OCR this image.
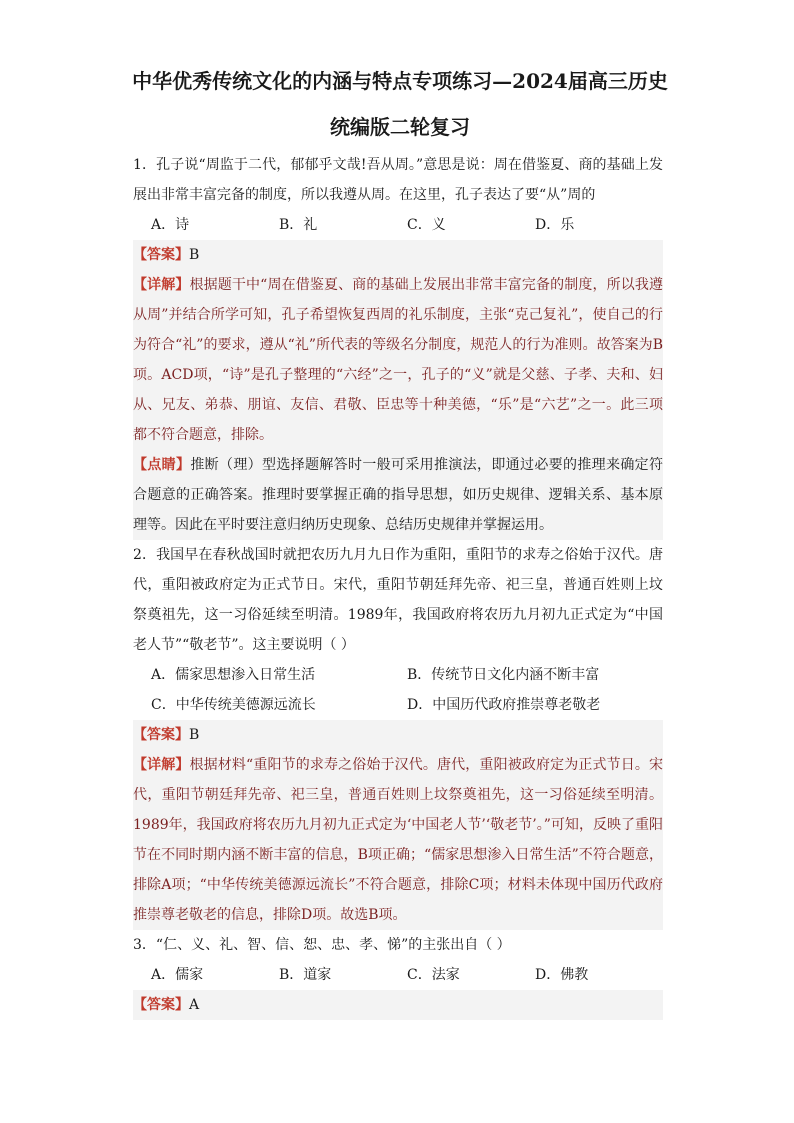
中华优秀传统文化的内涵与特点专项练习—2024届高三历史
统编版二轮复习

1．孔子说“周监于二代，郁郁乎文哉!吾从周。”意思是说：周在借鉴夏、商的基础上发展出非常丰富完备的制度，所以我遵从周。在这里，孔子表达了要“从”周的

A．诗	B．礼	C．义	D．乐

【答案】B

【详解】根据题干中“周在借鉴夏、商的基础上发展出非常丰富完备的制度，所以我遵从周”并结合所学可知，孔子希望恢复西周的礼乐制度，主张“克己复礼”，使自己的行为符合“礼”的要求，遵从“礼”所代表的等级名分制度，规范人的行为准则。故答案为B项。ACD项，“诗”是孔子整理的“六经”之一，孔子的“义”就是父慈、子孝、夫和、妇从、兄友、弟恭、朋谊、友信、君敬、臣忠等十种美德，“乐”是“六艺”之一。此三项都不符合题意，排除。

【点睛】推断（理）型选择题解答时一般可采用推演法，即通过必要的推理来确定符合题意的正确答案。推理时要掌握正确的指导思想，如历史规律、逻辑关系、基本原理等。因此在平时要注意归纳历史现象、总结历史规律并掌握运用。

2．我国早在春秋战国时就把农历九月九日作为重阳，重阳节的求寿之俗始于汉代。唐代，重阳被政府定为正式节日。宋代，重阳节朝廷拜先帝、祀三皇，普通百姓则上坟祭奠祖先，这一习俗延续至明清。1989年，我国政府将农历九月初九正式定为“中国老人节”“敬老节”。这主要说明（ ）

A．儒家思想渗入日常生活	B．传统节日文化内涵不断丰富
C．中华传统美德源远流长	D．中国历代政府推崇尊老敬老

【答案】B

【详解】根据材料“重阳节的求寿之俗始于汉代。唐代，重阳被政府定为正式节日。宋代，重阳节朝廷拜先帝、祀三皇，普通百姓则上坟祭奠祖先，这一习俗延续至明清。1989年，我国政府将农历九月初九正式定为‘中国老人节’‘敬老节’。”可知，反映了重阳节在不同时期内涵不断丰富的信息，B项正确；“儒家思想渗入日常生活”不符合题意，排除A项；“中华传统美德源远流长”不符合题意，排除C项；材料未体现中国历代政府推崇尊老敬老的信息，排除D项。故选B项。

3．“仁、义、礼、智、信、恕、忠、孝、悌”的主张出自（ ）

A．儒家	B．道家	C．法家	D．佛教

【答案】A
